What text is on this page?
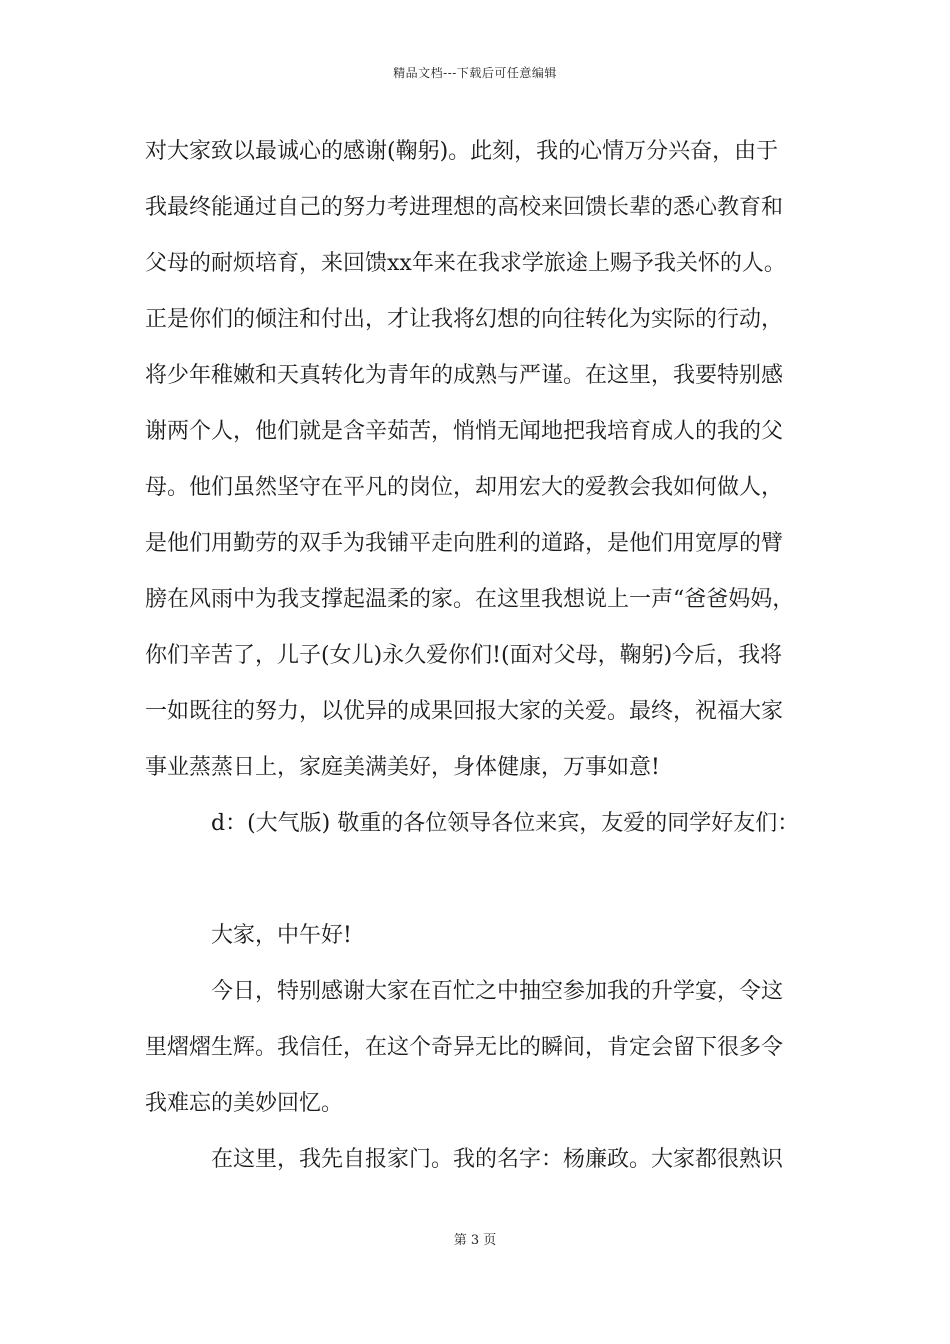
精品文档---下载后可任意编辑
对大家致以最诚心的感谢(鞠躬)。此刻，我的心情万分兴奋，由于
我最终能通过自己的努力考进理想的高校来回馈长辈的悉心教育和
父母的耐烦培育，来回馈xx年来在我求学旅途上赐予我关怀的人。
正是你们的倾注和付出，才让我将幻想的向往转化为实际的行动，
将少年稚嫩和天真转化为青年的成熟与严谨。在这里，我要特别感
谢两个人，他们就是含辛茹苦，悄悄无闻地把我培育成人的我的父
母。他们虽然坚守在平凡的岗位，却用宏大的爱教会我如何做人，
是他们用勤劳的双手为我铺平走向胜利的道路，是他们用宽厚的臂
膀在风雨中为我支撑起温柔的家。在这里我想说上一声“爸爸妈妈，
你们辛苦了，儿子(女儿)永久爱你们!(面对父母，鞠躬)今后，我将
一如既往的努力，以优异的成果回报大家的关爱。最终，祝福大家
事业蒸蒸日上，家庭美满美好，身体健康，万事如意!
d：(大气版) 敬重的各位领导各位来宾，友爱的同学好友们：
大家，中午好!
今日，特别感谢大家在百忙之中抽空参加我的升学宴，令这
里熠熠生辉。我信任，在这个奇异无比的瞬间，肯定会留下很多令
我难忘的美妙回忆。
在这里，我先自报家门。我的名字：杨廉政。大家都很熟识
第 3 页
